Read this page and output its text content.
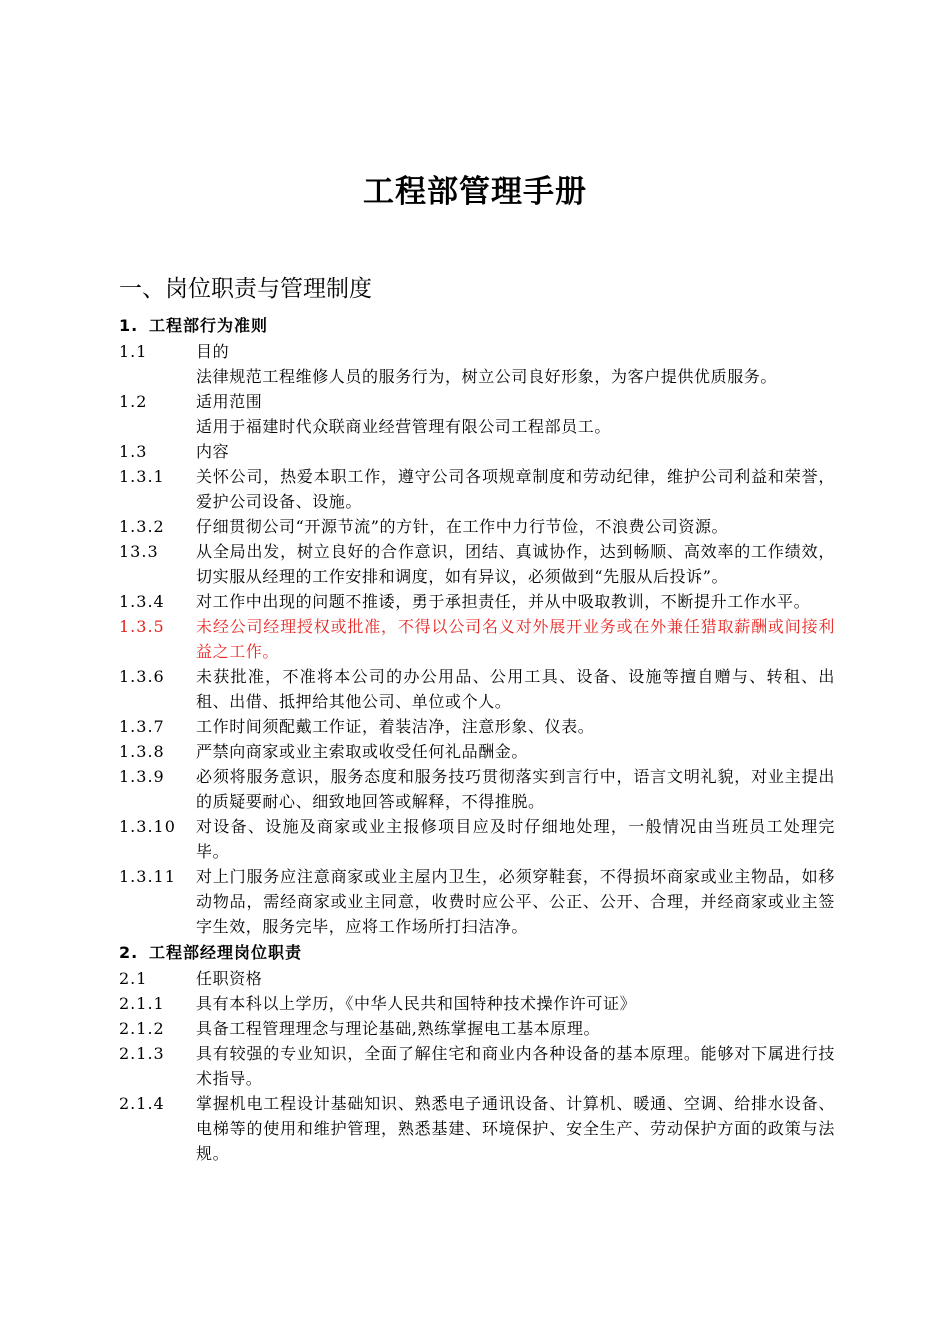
工程部管理手册
一、岗位职责与管理制度
1. 工程部行为准则
1.1	目的
法律规范工程维修人员的服务行为，树立公司良好形象，为客户提供优质服务。
1.2	适用范围
适用于福建时代众联商业经营管理有限公司工程部员工。
1.3	内容
1.3.1	关怀公司，热爱本职工作，遵守公司各项规章制度和劳动纪律，维护公司利益和荣誉，爱护公司设备、设施。
1.3.2	仔细贯彻公司“开源节流”的方针，在工作中力行节俭，不浪费公司资源。
13.3	从全局出发，树立良好的合作意识，团结、真诚协作，达到畅顺、高效率的工作绩效，切实服从经理的工作安排和调度，如有异议，必须做到“先服从后投诉”。
1.3.4	对工作中出现的问题不推诿，勇于承担责任，并从中吸取教训，不断提升工作水平。
1.3.5	未经公司经理授权或批准，不得以公司名义对外展开业务或在外兼任猎取薪酬或间接利益之工作。
1.3.6	未获批准，不准将本公司的办公用品、公用工具、设备、设施等擅自赠与、转租、出租、出借、抵押给其他公司、单位或个人。
1.3.7	工作时间须配戴工作证，着装洁净，注意形象、仪表。
1.3.8	严禁向商家或业主索取或收受任何礼品酬金。
1.3.9	必须将服务意识，服务态度和服务技巧贯彻落实到言行中，语言文明礼貌，对业主提出的质疑要耐心、细致地回答或解释，不得推脱。
1.3.10	对设备、设施及商家或业主报修项目应及时仔细地处理，一般情况由当班员工处理完毕。
1.3.11	对上门服务应注意商家或业主屋内卫生，必须穿鞋套，不得损坏商家或业主物品，如移动物品，需经商家或业主同意，收费时应公平、公正、公开、合理，并经商家或业主签字生效，服务完毕，应将工作场所打扫洁净。
2. 工程部经理岗位职责
2.1	任职资格
2.1.1	具有本科以上学历，《中华人民共和国特种技术操作许可证》
2.1.2	具备工程管理理念与理论基础,熟练掌握电工基本原理。
2.1.3	具有较强的专业知识，全面了解住宅和商业内各种设备的基本原理。能够对下属进行技术指导。
2.1.4	掌握机电工程设计基础知识、熟悉电子通讯设备、计算机、暖通、空调、给排水设备、电梯等的使用和维护管理，熟悉基建、环境保护、安全生产、劳动保护方面的政策与法规。
